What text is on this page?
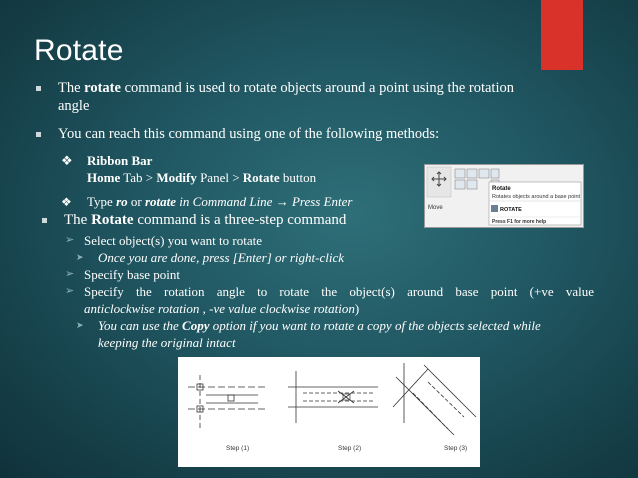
Rotate
The rotate command is used to rotate objects around a point using the rotation
angle
You can reach this command using one of the following methods:
❖ Ribbon Bar
Home Tab > Modify Panel > Rotate button
❖ Type ro or rotate in Command Line → Press Enter
The Rotate command is a three-step command
➢ Select object(s) you want to rotate
➤ Once you are done, press [Enter] or right-click
➢ Specify base point
➢ Specify the rotation angle to rotate the object(s) around base point (+ve value
anticlockwise rotation , -ve value clockwise rotation)
➤ You can use the Copy option if you want to rotate a copy of the objects selected while
keeping the original intact
Move
Rotate
Rotates objects around a base point
ROTATE
Press F1 for more help
Step (1)	Step (2)	Step (3)
